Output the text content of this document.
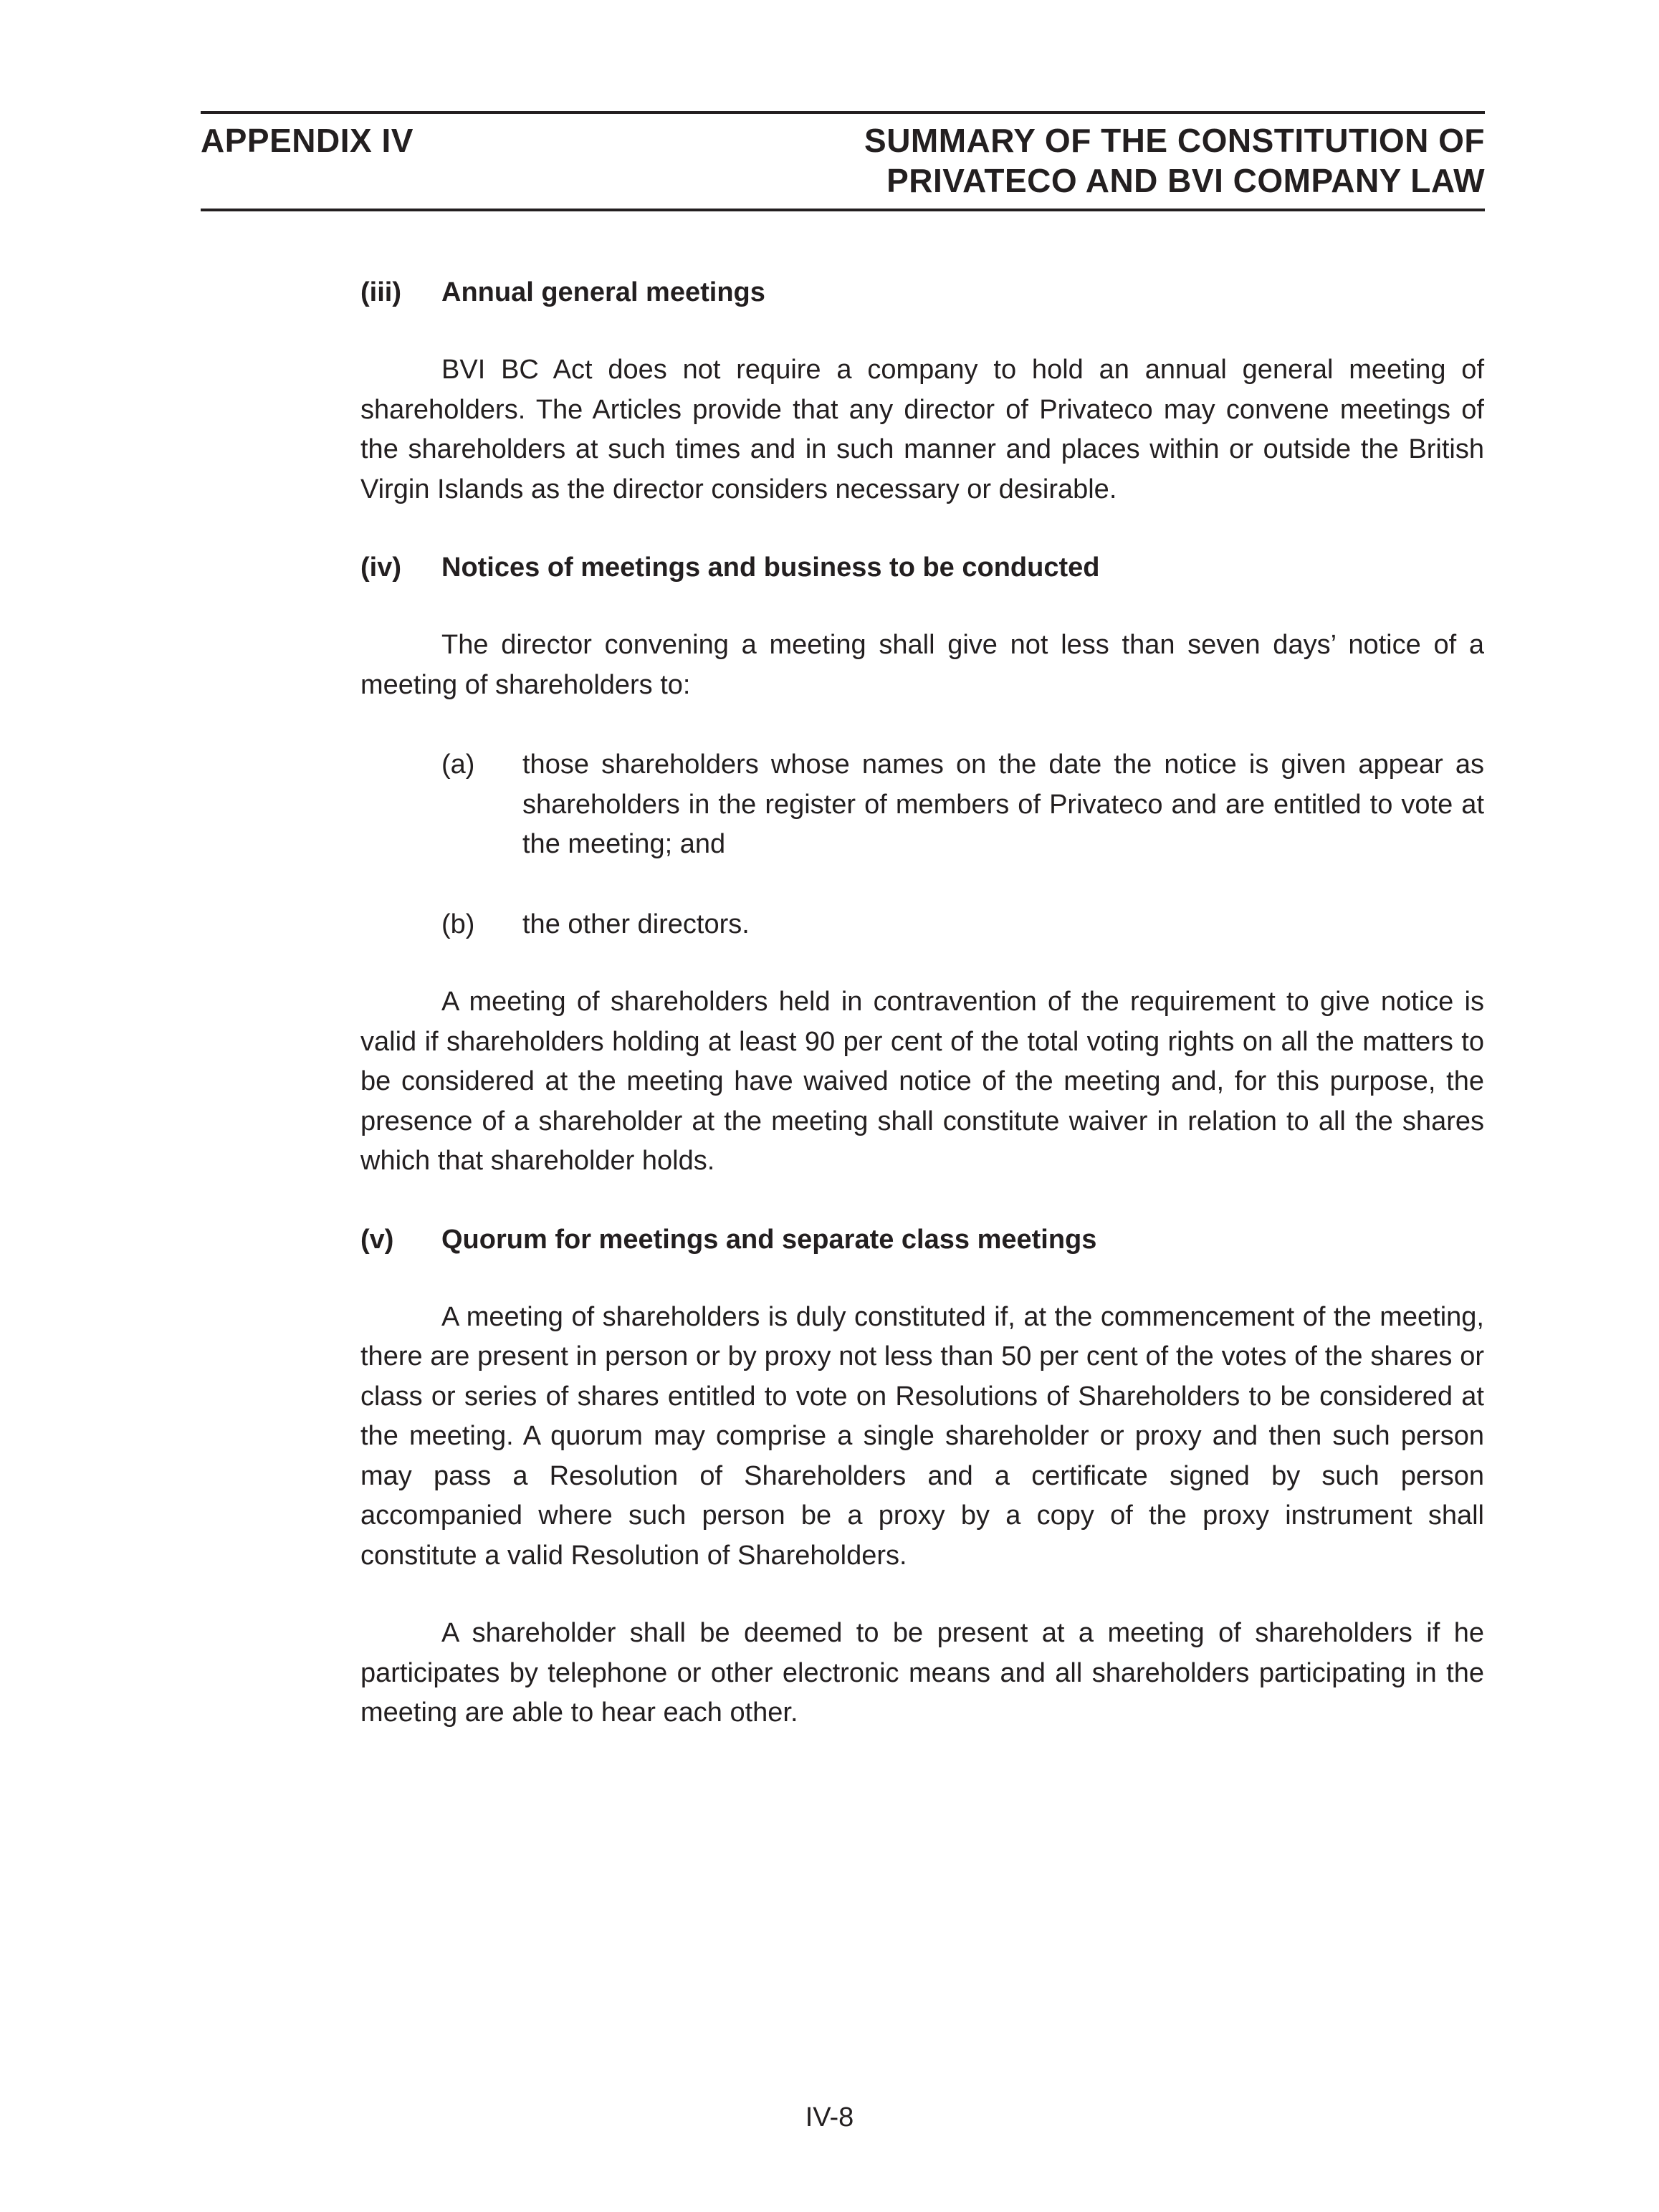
APPENDIX IV	SUMMARY OF THE CONSTITUTION OF
PRIVATECO AND BVI COMPANY LAW
(iii)	Annual general meetings

BVI BC Act does not require a company to hold an annual general meeting of shareholders. The Articles provide that any director of Privateco may convene meetings of the shareholders at such times and in such manner and places within or outside the British Virgin Islands as the director considers necessary or desirable.

(iv)	Notices of meetings and business to be conducted

The director convening a meeting shall give not less than seven days’ notice of a meeting of shareholders to:

(a)	those shareholders whose names on the date the notice is given appear as shareholders in the register of members of Privateco and are entitled to vote at the meeting; and
(b)	the other directors.

A meeting of shareholders held in contravention of the requirement to give notice is valid if shareholders holding at least 90 per cent of the total voting rights on all the matters to be considered at the meeting have waived notice of the meeting and, for this purpose, the presence of a shareholder at the meeting shall constitute waiver in relation to all the shares which that shareholder holds.

(v)	Quorum for meetings and separate class meetings

A meeting of shareholders is duly constituted if, at the commencement of the meeting, there are present in person or by proxy not less than 50 per cent of the votes of the shares or class or series of shares entitled to vote on Resolutions of Shareholders to be considered at the meeting. A quorum may comprise a single shareholder or proxy and then such person may pass a Resolution of Shareholders and a certificate signed by such person accompanied where such person be a proxy by a copy of the proxy instrument shall constitute a valid Resolution of Shareholders.

A shareholder shall be deemed to be present at a meeting of shareholders if he participates by telephone or other electronic means and all shareholders participating in the meeting are able to hear each other.

IV-8
